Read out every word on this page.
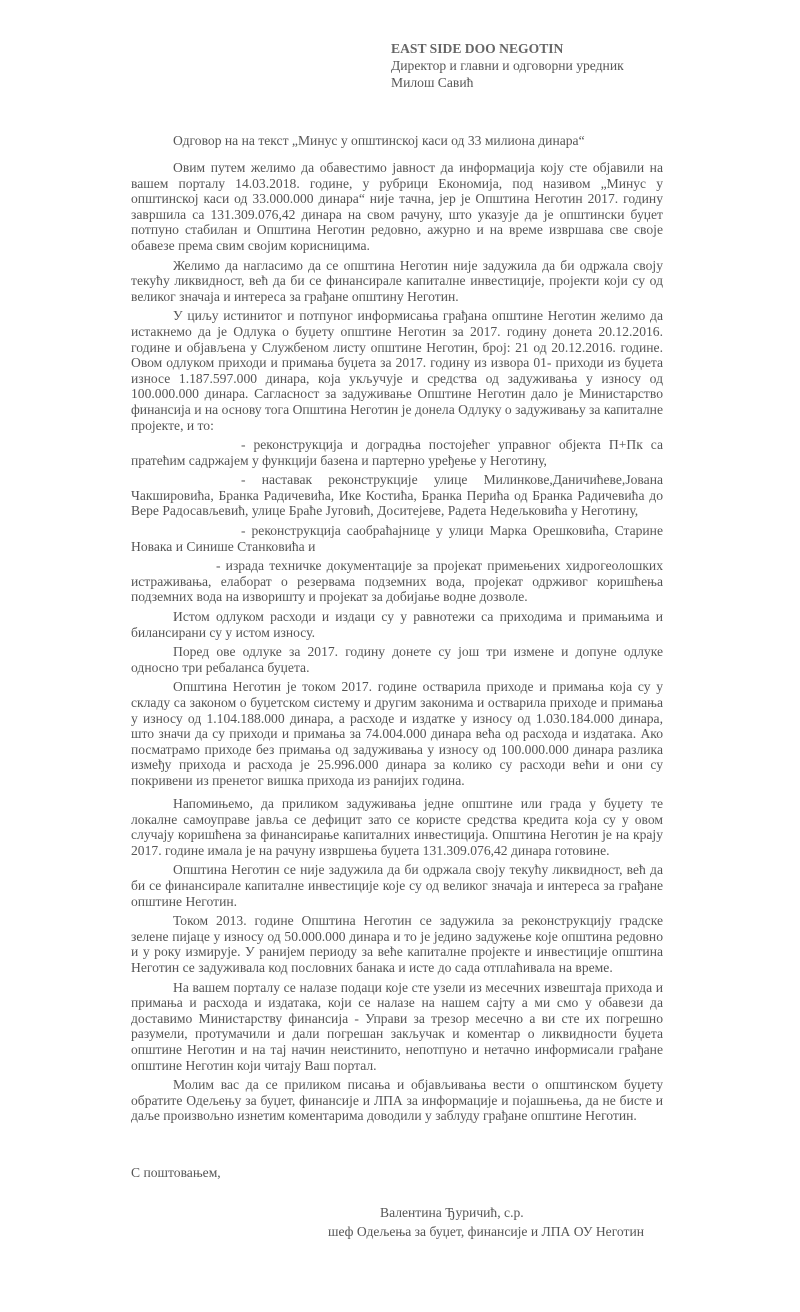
EAST SIDE DOO NEGOTIN
Директор и главни и одговорни уредник
Милош Савић
Одговор на на текст „Минус у општинској каси од 33 милиона динара“

Овим путем желимо да обавестимо јавност да информација коју сте објавили на вашем порталу 14.03.2018. године, у рубрици Економија, под називом „Минус у општинској каси од 33.000.000 динара“ није тачна, јер је Општина Неготин 2017. годину завршила са 131.309.076,42 динара на свом рачуну, што указује да је општински буџет потпуно стабилан и Општина Неготин редовно, ажурно и на време извршава све своје обавезе према свим својим корисницима.

Желимо да нагласимо да се општина Неготин није задужила да би одржала своју текућу ликвидност, већ да би се финансирале капиталне инвестиције, пројекти који су од великог значаја и интереса за грађане општину Неготин.

У циљу истинитог и потпуног информисања грађана општине Неготин желимо да истакнемо да је Одлука о буџету општине Неготин за 2017. годину донета 20.12.2016. године и објављена у Службеном листу општине Неготин, број: 21 од 20.12.2016. године. Овом одлуком приходи и примања буџета за 2017. годину из извора 01- приходи из буџета износе 1.187.597.000 динара, која укључује и средства од задуживања у износу од 100.000.000 динара. Сагласност за задуживање Општине Неготин дало је Министарство финансија и на основу тога Општина Неготин је донела Одлуку о задуживању за капиталне пројекте, и то:

- реконструкција и доградња постојећег управног објекта П+Пк са пратећим садржајем у функцији базена и партерно уређење у Неготину,

- наставак реконструкције улице Милинкове,Даничићеве,Јована Чакшировића, Бранка Радичевића, Ике Костића, Бранка Перића од Бранка Радичевића до Вере Радосављевић, улице Браће Југовић, Доситејеве, Радета Недељковића у Неготину,

- реконструкција саобраћајнице у улици Марка Орешковића, Старине Новака и Синише Станковића и

- израда техничке документације за пројекат примењених хидрогеолошких истраживања, елаборат о резервама подземних вода, пројекат одрживог коришћења подземних вода на изворишту и пројекат за добијање водне дозволе.

Истом одлуком расходи и издаци су у равнотежи са приходима и примањима и билансирани су у истом износу.

Поред ове одлуке за 2017. годину донете су још три измене и допуне одлуке односно три ребаланса буџета.

Општина Неготин је током 2017. године остварила приходе и примања која су у складу са законом о буџетском систему и другим законима и остварила приходе и примања у износу од 1.104.188.000 динара, а расходе и издатке у износу од 1.030.184.000 динара, што значи да су приходи и примања за 74.004.000 динара већа од расхода и издатака. Ако посматрамо приходе без примања од задуживања у износу од 100.000.000 динара разлика између прихода и расхода је 25.996.000 динара за колико су расходи већи и они су покривени из пренетог вишка прихода из ранијих година.

Напомињемо, да приликом задуживања једне општине или града у буџету те локалне самоуправе јавља се дефицит зато се користе средства кредита која су у овом случају коришћена за финансирање капиталних инвестиција. Општина Неготин је на крају 2017. године имала је на рачуну извршења буџета 131.309.076,42 динара готовине.

Општина Неготин се није задужила да би одржала своју текућу ликвидност, већ да би се финансирале капиталне инвестиције које су од великог значаја и интереса за грађане општине Неготин.

Током 2013. године Општина Неготин се задужила за реконструкцију градске зелене пијаце у износу од 50.000.000 динара и то је једино задужење које општина редовно и у року измирује. У ранијем периоду за веће капиталне пројекте и инвестиције општина Неготин се задуживала код пословних банака и исте до сада отплаћивала на време.

На вашем порталу се налазе подаци које сте узели из месечних извештаја прихода и примања и расхода и издатака, који се налазе на нашем сајту а ми смо у обавези да доставимо Министарству финансија - Управи за трезор месечно а ви сте их погрешно разумели, протумачили и дали погрешан закључак и коментар о ликвидности буџета општине Неготин и на тај начин неистинито, непотпуно и нетачно информисали грађане општине Неготин који читају Ваш портал.

Молим вас да се приликом писања и објављивања вести о општинском буџету обратите Одељењу за буџет, финансије и ЛПА за информације и појашњења, да не бисте и даље произвољно изнетим коментарима доводили у заблуду грађане општине Неготин.

С поштовањем,
Валентина Ђуричић, с.р.
шеф Одељења за буџет, финансије и ЛПА ОУ Неготин
